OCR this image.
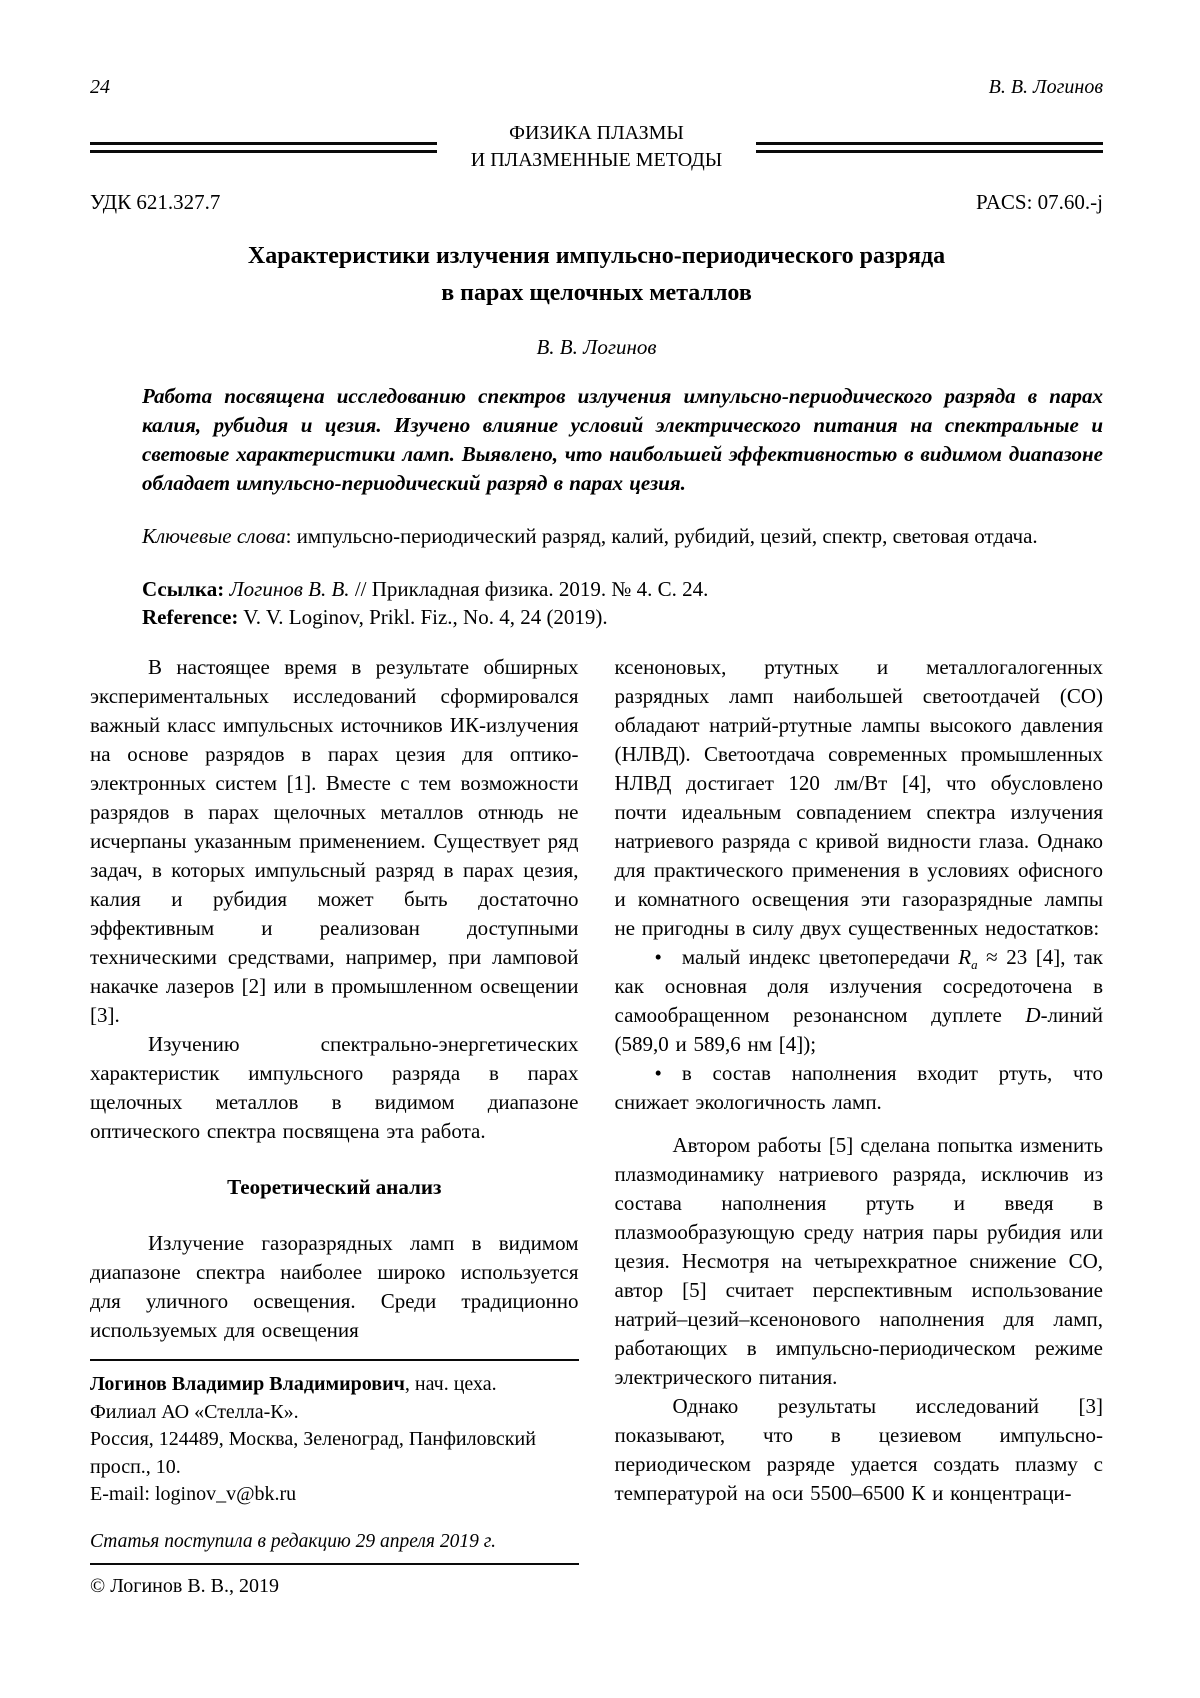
24	В. В. Логинов
ФИЗИКА ПЛАЗМЫ
И ПЛАЗМЕННЫЕ МЕТОДЫ
УДК 621.327.7	PACS: 07.60.-j
Характеристики излучения импульсно-периодического разряда
в парах щелочных металлов
В. В. Логинов

Работа посвящена исследованию спектров излучения импульсно-периодического разряда в парах калия, рубидия и цезия. Изучено влияние условий электрического питания на спектральные и световые характеристики ламп. Выявлено, что наибольшей эффективностью в видимом диапазоне обладает импульсно-периодический разряд в парах цезия.

Ключевые слова: импульсно-периодический разряд, калий, рубидий, цезий, спектр, световая отдача.

Ссылка: Логинов В. В. // Прикладная физика. 2019. № 4. С. 24.

Reference: V. V. Loginov, Prikl. Fiz., No. 4, 24 (2019).

В настоящее время в результате обширных экспериментальных исследований сформировался важный класс импульсных источников ИК-излучения на основе разрядов в парах цезия для оптико-электронных систем [1]. Вместе с тем возможности разрядов в парах щелочных металлов отнюдь не исчерпаны указанным применением. Существует ряд задач, в которых импульсный разряд в парах цезия, калия и рубидия может быть достаточно эффективным и реализован доступными техническими средствами, например, при ламповой накачке лазеров [2] или в промышленном освещении [3].

Изучению спектрально-энергетических характеристик импульсного разряда в парах щелочных металлов в видимом диапазоне оптического спектра посвящена эта работа.

Теоретический анализ

Излучение газоразрядных ламп в видимом диапазоне спектра наиболее широко используется для уличного освещения. Среди традиционно используемых для освещения

Логинов Владимир Владимирович, нач. цеха.

Филиал АО «Стелла-К».

Россия, 124489, Москва, Зеленоград, Панфиловский просп., 10.

E-mail: loginov_v@bk.ru

Статья поступила в редакцию 29 апреля 2019 г.

© Логинов В. В., 2019

ксеноновых, ртутных и металлогалогенных разрядных ламп наибольшей светоотдачей (СО) обладают натрий-ртутные лампы высокого давления (НЛВД). Светоотдача современных промышленных НЛВД достигает 120 лм/Вт [4], что обусловлено почти идеальным совпадением спектра излучения натриевого разряда с кривой видности глаза. Однако для практического применения в условиях офисного и комнатного освещения эти газоразрядные лампы не пригодны в силу двух существенных недостатков:

• малый индекс цветопередачи $R_a \approx 23$ [4], так как основная доля излучения сосредоточена в самообращенном резонансном дуплете D-линий (589,0 и 589,6 нм [4]);

• в состав наполнения входит ртуть, что снижает экологичность ламп.

Автором работы [5] сделана попытка изменить плазмодинамику натриевого разряда, исключив из состава наполнения ртуть и введя в плазмообразующую среду натрия пары рубидия или цезия. Несмотря на четырехкратное снижение СО, автор [5] считает перспективным использование натрий–цезий–ксенонового наполнения для ламп, работающих в импульсно-периодическом режиме электрического питания.

Однако результаты исследований [3] показывают, что в цезиевом импульсно-периодическом разряде удается создать плазму с температурой на оси 5500–6500 К и концентраци-
